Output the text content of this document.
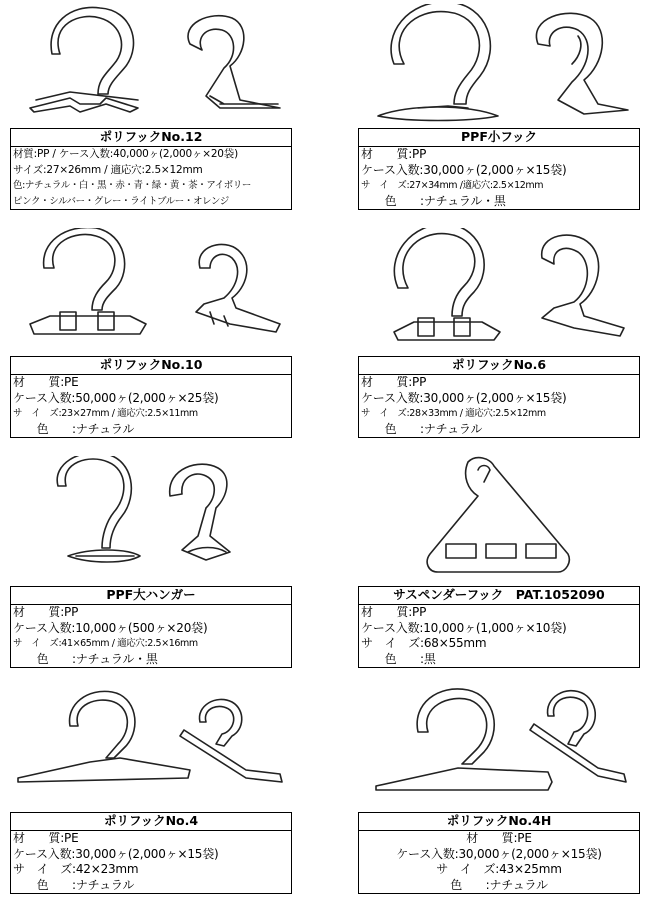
ポリフックNo.12
材質:PP / ケース入数:40,000ヶ(2,000ヶ×20袋)
サイズ:27×26mm / 適応穴:2.5×12mm
色:ナチュラル・白・黒・赤・青・緑・黄・茶・アイボリー
ピンク・シルバー・グレー・ライトブルー・オレンジ
PPF小フック
材　　質:PP
ケース入数:30,000ヶ(2,000ヶ×15袋)
サ　イ　ズ:27×34mm /適応穴:2.5×12mm
　　色　　:ナチュラル・黒
ポリフックNo.10
材　　質:PE
ケース入数:50,000ヶ(2,000ヶ×25袋)
サ　イ　ズ:23×27mm / 適応穴:2.5×11mm
　　色　　:ナチュラル
ポリフックNo.6
材　　質:PP
ケース入数:30,000ヶ(2,000ヶ×15袋)
サ　イ　ズ:28×33mm / 適応穴:2.5×12mm
　　色　　:ナチュラル
PPF大ハンガー
材　　質:PP
ケース入数:10,000ヶ(500ヶ×20袋)
サ　イ　ズ:41×65mm / 適応穴:2.5×16mm
　　色　　:ナチュラル・黒
サスペンダーフック　PAT.1052090
材　　質:PP
ケース入数:10,000ヶ(1,000ヶ×10袋)
サ　イ　ズ:68×55mm
　　色　　:黒
ポリフックNo.4
材　　質:PE
ケース入数:30,000ヶ(2,000ヶ×15袋)
サ　イ　ズ:42×23mm
　　色　　:ナチュラル
ポリフックNo.4H
材　　質:PE
ケース入数:30,000ヶ(2,000ヶ×15袋)
サ　イ　ズ:43×25mm
色　　:ナチュラル
